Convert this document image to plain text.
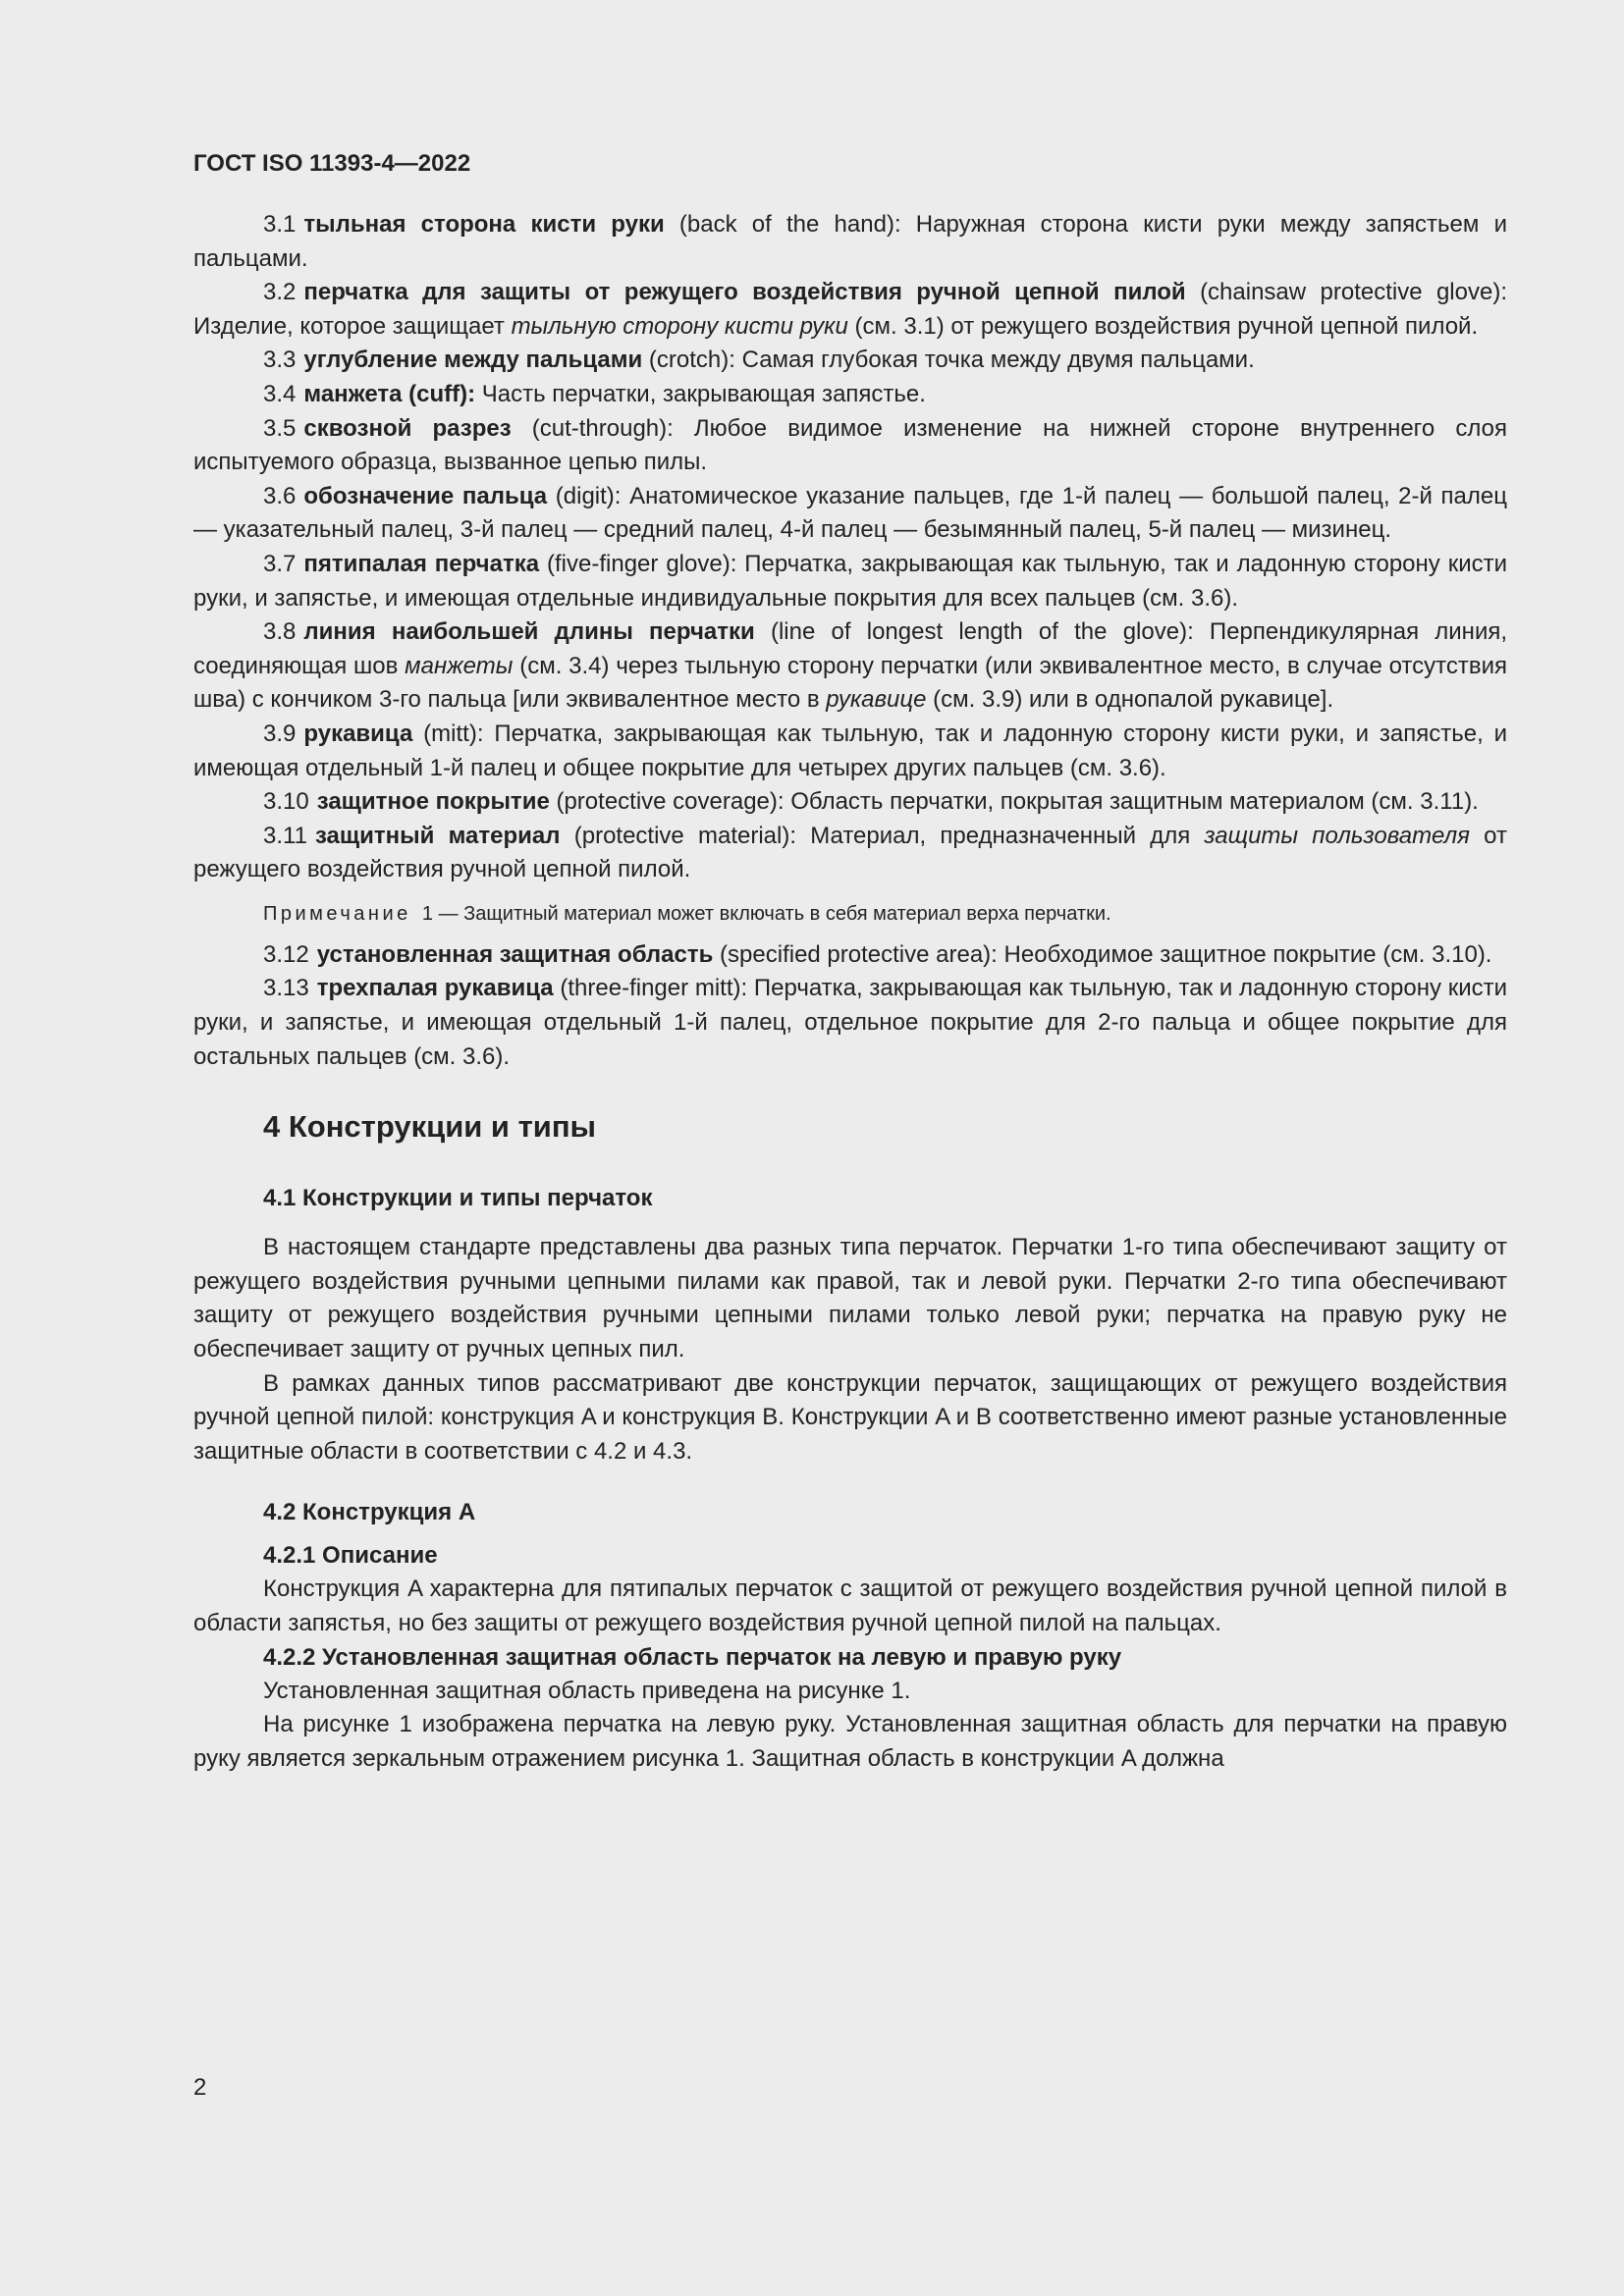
ГОСТ ISO 11393-4—2022

3.1 тыльная сторона кисти руки (back of the hand): Наружная сторона кисти руки между запястьем и пальцами.

3.2 перчатка для защиты от режущего воздействия ручной цепной пилой (chainsaw protective glove): Изделие, которое защищает тыльную сторону кисти руки (см. 3.1) от режущего воздействия ручной цепной пилой.

3.3 углубление между пальцами (crotch): Самая глубокая точка между двумя пальцами.

3.4 манжета (cuff): Часть перчатки, закрывающая запястье.

3.5 сквозной разрез (cut-through): Любое видимое изменение на нижней стороне внутреннего слоя испытуемого образца, вызванное цепью пилы.

3.6 обозначение пальца (digit): Анатомическое указание пальцев, где 1-й палец — большой палец, 2-й палец — указательный палец, 3-й палец — средний палец, 4-й палец — безымянный палец, 5-й палец — мизинец.

3.7 пятипалая перчатка (five-finger glove): Перчатка, закрывающая как тыльную, так и ладонную сторону кисти руки, и запястье, и имеющая отдельные индивидуальные покрытия для всех пальцев (см. 3.6).

3.8 линия наибольшей длины перчатки (line of longest length of the glove): Перпендикулярная линия, соединяющая шов манжеты (см. 3.4) через тыльную сторону перчатки (или эквивалентное место, в случае отсутствия шва) с кончиком 3-го пальца [или эквивалентное место в рукавице (см. 3.9) или в однопалой рукавице].

3.9 рукавица (mitt): Перчатка, закрывающая как тыльную, так и ладонную сторону кисти руки, и запястье, и имеющая отдельный 1-й палец и общее покрытие для четырех других пальцев (см. 3.6).

3.10 защитное покрытие (protective coverage): Область перчатки, покрытая защитным материалом (см. 3.11).

3.11 защитный материал (protective material): Материал, предназначенный для защиты пользователя от режущего воздействия ручной цепной пилой.

Примечание 1 — Защитный материал может включать в себя материал верха перчатки.

3.12 установленная защитная область (specified protective area): Необходимое защитное покрытие (см. 3.10).

3.13 трехпалая рукавица (three-finger mitt): Перчатка, закрывающая как тыльную, так и ладонную сторону кисти руки, и запястье, и имеющая отдельный 1-й палец, отдельное покрытие для 2-го пальца и общее покрытие для остальных пальцев (см. 3.6).

4 Конструкции и типы
4.1 Конструкции и типы перчаток

В настоящем стандарте представлены два разных типа перчаток. Перчатки 1-го типа обеспечивают защиту от режущего воздействия ручными цепными пилами как правой, так и левой руки. Перчатки 2-го типа обеспечивают защиту от режущего воздействия ручными цепными пилами только левой руки; перчатка на правую руку не обеспечивает защиту от ручных цепных пил.

В рамках данных типов рассматривают две конструкции перчаток, защищающих от режущего воздействия ручной цепной пилой: конструкция A и конструкция B. Конструкции A и B соответственно имеют разные установленные защитные области в соответствии с 4.2 и 4.3.

4.2 Конструкция A
4.2.1 Описание

Конструкция A характерна для пятипалых перчаток с защитой от режущего воздействия ручной цепной пилой в области запястья, но без защиты от режущего воздействия ручной цепной пилой на пальцах.

4.2.2 Установленная защитная область перчаток на левую и правую руку

Установленная защитная область приведена на рисунке 1.

На рисунке 1 изображена перчатка на левую руку. Установленная защитная область для перчатки на правую руку является зеркальным отражением рисунка 1. Защитная область в конструкции A должна

2
